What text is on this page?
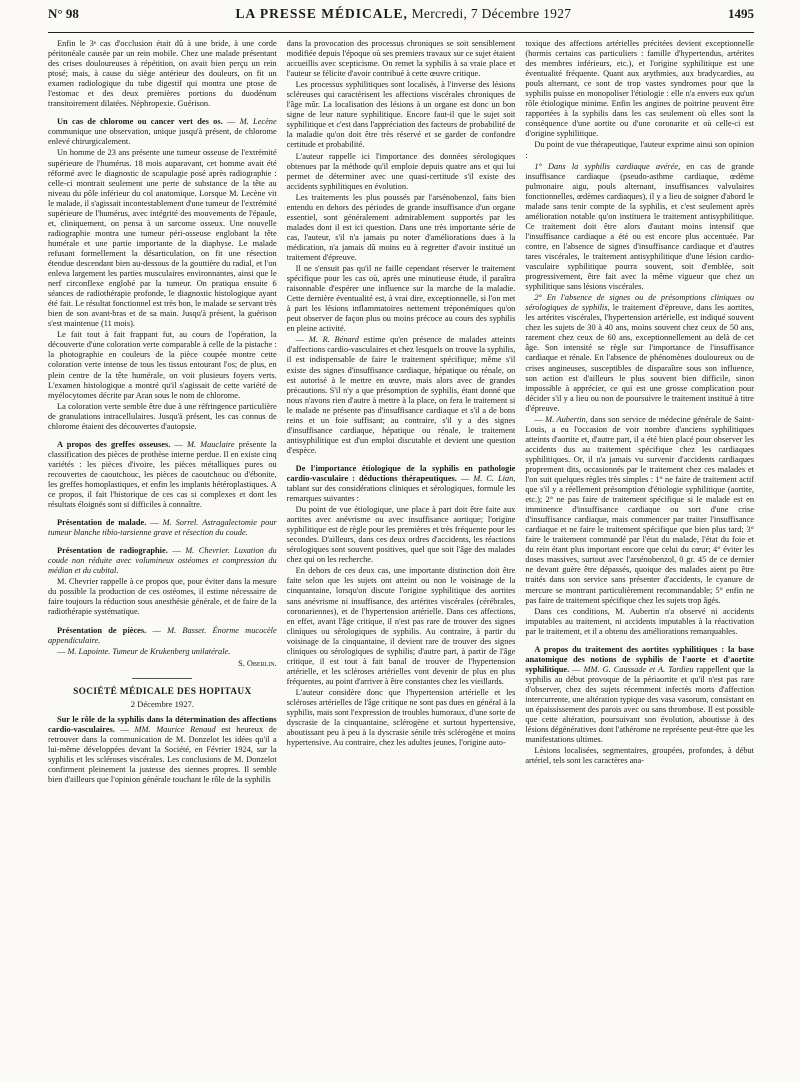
N° 98	LA PRESSE MÉDICALE, Mercredi, 7 Décembre 1927	1495

Enfin le 3ᵉ cas d'occlusion était dû à une bride, à une corde péritonéale causée par un rein mobile. Chez une malade présentant des crises douloureuses à répétition, on avait bien perçu un rein ptosé; mais, à cause du siège antérieur des douleurs, on fit un examen radiologique du tube digestif qui montra une ptose de l'estomac et des deux premières portions du duodénum transitoirement dilatées. Néphropexie. Guérison.

Un cas de chlorome ou cancer vert des os. — M. Lecène communique une observation, unique jusqu'à présent, de chlorome enlevé chirurgicalement.

Un homme de 23 ans présente une tumeur osseuse de l'extrémité supérieure de l'humérus. 18 mois auparavant, cet homme avait été réformé avec le diagnostic de scapulagie posé après radiographie : celle-ci montrait seulement une perte de substance de la tête au niveau du pôle inférieur du col anatomique. Lorsque M. Lecène vit le malade, il s'agissait incontestablement d'une tumeur de l'extrémité supérieure de l'humérus, avec intégrité des mouvements de l'épaule, et, cliniquement, on pensa à un sarcome osseux. Une nouvelle radiographie montra une tumeur péri-osseuse englobant la tête humérale et une partie importante de la diaphyse. Le malade refusant formellement la désarticulation, on fit une résection étendue descendant bien au-dessous de la gouttière du radial, et l'on enleva largement les parties musculaires environnantes, ainsi que le nerf circonflexe englobé par la tumeur. On pratiqua ensuite 6 séances de radiothérapie profonde, le diagnostic histologique ayant été fait. Le résultat fonctionnel est très bon, le malade se servant très bien de son avant-bras et de sa main. Jusqu'à présent, la guérison s'est maintenue (11 mois).

Le fait tout à fait frappant fut, au cours de l'opération, la découverte d'une coloration verte comparable à celle de la pistache : la photographie en couleurs de la pièce coupée montre cette coloration verte intense de tous les tissus entourant l'os; de plus, en plein centre de la tête humérale, on voit plusieurs foyers verts. L'examen histologique a montré qu'il s'agissait de cette variété de myélocytomes décrite par Aran sous le nom de chlorome.

La coloration verte semble être due à une réfringence particulière de granulations intracellulaires. Jusqu'à présent, les cas connus de chlorome étaient des découvertes d'autopsie.

A propos des greffes osseuses. — M. Mauclaire présente la classification des pièces de prothèse interne perdue. Il en existe cinq variétés : les pièces d'ivoire, les pièces métalliques pures ou recouvertes de caoutchouc, les pièces de caoutchouc ou d'ébonite, les greffes homoplastiques, et enfin les implants hétéroplastiques. A ce propos, il fait l'historique de ces cas si complexes et dont les résultats éloignés sont si difficiles à connaître.

Présentation de malade. — M. Sorrel. Astragalectomie pour tumeur blanche tibio-tarsienne grave et résection du coude.

Présentation de radiographie. — M. Chevrier. Luxation du coude non réduite avec volumineux ostéomes et compression du médian et du cubital.

M. Chevrier rappelle à ce propos que, pour éviter dans la mesure du possible la production de ces ostéomes, il estime nécessaire de faire toujours la réduction sous anesthésie générale, et de faire de la radiothérapie systématique.

Présentation de pièces. — M. Basset. Énorme mucocèle appendiculaire.

— M. Lapointe. Tumeur de Krukenberg unilatérale.

S. Oberlin.
SOCIÉTÉ MÉDICALE DES HOPITAUX
2 Décembre 1927.

Sur le rôle de la syphilis dans la détermination des affections cardio-vasculaires. — MM. Maurice Renaud est heureux de retrouver dans la communication de M. Donzelot les idées qu'il a lui-même développées devant la Société, en Février 1924, sur la syphilis et les scléroses viscérales. Les conclusions de M. Donzelot confirment pleinement la justesse des siennes propres. Il semble bien d'ailleurs que l'opinion générale touchant le rôle de la syphilis

dans la provocation des processus chroniques se soit sensiblement modifiée depuis l'époque où ses premiers travaux sur ce sujet étaient accueillis avec scepticisme. On remet la syphilis à sa vraie place et l'auteur se félicite d'avoir contribué à cette œuvre critique.

Les processus syphilitiques sont localisés, à l'inverse des lésions scléreuses qui caractérisent les affections viscérales chroniques de l'âge mûr. La localisation des lésions à un organe est donc un bon signe de leur nature syphilitique. Encore faut-il que le sujet soit syphilitique et c'est dans l'appréciation des facteurs de probabilité de la maladie qu'on doit être très réservé et se garder de confondre certitude et probabilité.

L'auteur rappelle ici l'importance des données sérologiques obtenues par la méthode qu'il emploie depuis quatre ans et qui lui permet de déterminer avec une quasi-certitude s'il existe des accidents syphilitiques en évolution.

Les traitements les plus poussés par l'arsénobenzol, faits bien entendu en dehors des périodes de grande insuffisance d'un organe essentiel, sont généralement admirablement supportés par les malades dont il est ici question. Dans une très importante série de cas, l'auteur, s'il n'a jamais pu noter d'améliorations dues à la médication, n'a jamais dû moins eu à regretter d'avoir institué un traitement d'épreuve.

Il ne s'ensuit pas qu'il ne faille cependant réserver le traitement spécifique pour les cas où, après une minutieuse étude, il paraîtra raisonnable d'espérer une influence sur la marche de la maladie. Cette dernière éventualité est, à vrai dire, exceptionnelle, si l'on met à part les lésions inflammatoires nettement tréponémiques qu'on peut observer de façon plus ou moins précoce au cours des syphilis en pleine activité.

— M. R. Bénard estime qu'en présence de malades atteints d'affections cardio-vasculaires et chez lesquels on trouve la syphilis, il est indispensable de faire le traitement spécifique; même s'il existe des signes d'insuffisance cardiaque, hépatique ou rénale, on est autorisé à le mettre en œuvre, mais alors avec de grandes précautions. S'il n'y a que présomption de syphilis, étant donné que nous n'avons rien d'autre à mettre à la place, on fera le traitement si le malade ne présente pas d'insuffisance cardiaque et s'il a de bons reins et un foie suffisant; au contraire, s'il y a des signes d'insuffisance cardiaque, hépatique ou rénale, le traitement antisyphilitique est d'un emploi discutable et devient une question d'espèce.

De l'importance étiologique de la syphilis en pathologie cardio-vasculaire : déductions thérapeutiques. — M. C. Lian, tablant sur des considérations cliniques et sérologiques, formule les remarques suivantes :

Du point de vue étiologique, une place à part doit être faite aux aortites avec anévrisme ou avec insuffisance aortique; l'origine syphilitique est de règle pour les premières et très fréquente pour les secondes. D'ailleurs, dans ces deux ordres d'accidents, les réactions sérologiques sont souvent positives, quel que soit l'âge des malades chez qui on les recherche.

En dehors de ces deux cas, une importante distinction doit être faite selon que les sujets ont atteint ou non le voisinage de la cinquantaine, lorsqu'on discute l'origine syphilitique des aortites sans anévrisme ni insuffisance, des artérites viscérales (cérébrales, coronariennes), et de l'hypertension artérielle. Dans ces affections, en effet, avant l'âge critique, il n'est pas rare de trouver des signes cliniques ou sérologiques de syphilis. Au contraire, à partir du voisinage de la cinquantaine, il devient rare de trouver des signes cliniques ou sérologiques de syphilis; d'autre part, à partir de l'âge critique, il est tout à fait banal de trouver de l'hypertension artérielle, et les scléroses artérielles vont devenir de plus en plus fréquentes, au point d'arriver à être constantes chez les vieillards.

L'auteur considère donc que l'hypertension artérielle et les scléroses artérielles de l'âge critique ne sont pas dues en général à la syphilis, mais sont l'expression de troubles humoraux, d'une sorte de dyscrasie de la cinquantaine, sclérogène et surtout hypertensive, aboutissant peu à peu à la dyscrasie sénile très sclérogène et moins hypertensive. Au contraire, chez les adultes jeunes, l'origine auto-

toxique des affections artérielles précitées devient exceptionnelle (hormis certains cas particuliers : famille d'hypertendus, artérites des membres inférieurs, etc.), et l'origine syphilitique est une éventualité fréquente. Quant aux arythmies, aux bradycardies, au pouls alternant, ce sont de trop vastes syndromes pour que la syphilis puisse en monopoliser l'étiologie : elle n'a envers eux qu'un rôle étiologique minime. Enfin les angines de poitrine peuvent être rapportées à la syphilis dans les cas seulement où elles sont la conséquence d'une aortite ou d'une coronarite et où celle-ci est d'origine syphilitique.

Du point de vue thérapeutique, l'auteur exprime ainsi son opinion :

1° Dans la syphilis cardiaque avérée, en cas de grande insuffisance cardiaque (pseudo-asthme cardiaque, œdème pulmonaire aigu, pouls alternant, insuffisances valvulaires fonctionnelles, œdèmes cardiaques), il y a lieu de soigner d'abord le malade sans tenir compte de la syphilis, et c'est seulement après amélioration notable qu'on instituera le traitement antisyphilitique. Ce traitement doit être alors d'autant moins intensif que l'insuffisance cardiaque a été ou est encore plus accentuée. Par contre, en l'absence de signes d'insuffisance cardiaque et d'autres tares viscérales, le traitement antisyphilitique d'une lésion cardio-vasculaire syphilitique pourra souvent, soit d'emblée, soit progressivement, être fait avec la même vigueur que chez un syphilitique sans lésions viscérales.

2° En l'absence de signes ou de présomptions cliniques ou sérologiques de syphilis, le traitement d'épreuve, dans les aortites, les artérites viscérales, l'hypertension artérielle, est indiqué souvent chez les sujets de 30 à 40 ans, moins souvent chez ceux de 50 ans, rarement chez ceux de 60 ans, exceptionnellement au delà de cet âge. Son intensité se règle sur l'importance de l'insuffisance cardiaque et rénale. En l'absence de phénomènes douloureux ou de crises angineuses, susceptibles de disparaître sous son influence, son action est d'ailleurs le plus souvent bien difficile, sinon impossible à apprécier, ce qui est une grosse complication pour décider s'il y a lieu ou non de poursuivre le traitement institué à titre d'épreuve.

— M. Aubertin, dans son service de médecine générale de Saint-Louis, a eu l'occasion de voir nombre d'anciens syphilitiques atteints d'aortite et, d'autre part, il a été bien placé pour observer les accidents dus au traitement spécifique chez les cardiaques syphilitiques. Or, il n'a jamais vu survenir d'accidents cardiaques proprement dits, occasionnés par le traitement chez ces malades et l'on suit quelques règles très simples : 1° ne faire de traitement actif que s'il y a réellement présomption d'étiologie syphilitique (aortite, etc.); 2° ne pas faire de traitement spécifique si le malade est en imminence d'insuffisance cardiaque ou sort d'une crise d'insuffisance cardiaque, mais commencer par traiter l'insuffisance cardiaque et ne faire le traitement spécifique que bien plus tard; 3° faire le traitement commandé par l'état du malade, l'état du foie et du rein étant plus important encore que celui du cœur; 4° éviter les doses massives, surtout avec l'arsénobenzol, 0 gr. 45 de ce dernier ne devant guère être dépassés, quoique des malades aient pu être traités dans son service sans présenter d'accidents, le cyanure de mercure se montrant particulièrement recommandable; 5° enfin ne pas faire de traitement spécifique chez les sujets trop âgés.

Dans ces conditions, M. Aubertin n'a observé ni accidents imputables au traitement, ni accidents imputables à la réactivation par le traitement, et il a obtenu des améliorations remarquables.

A propos du traitement des aortites syphilitiques : la base anatomique des notions de syphilis de l'aorte et d'aortite syphilitique. — MM. G. Caussade et A. Tardieu rappellent que la syphilis au début provoque de la périaortite et qu'il n'est pas rare d'observer, chez des sujets récemment infectés morts d'affection intercurrente, une altération typique des vasa vasorum, consistant en un épaississement des parois avec ou sans thrombose. Il est possible que cette altération, poursuivant son évolution, aboutisse à des lésions dégénératives dont l'athérome ne représente peut-être que les manifestations ultimes.

Lésions localisées, segmentaires, groupées, profondes, à début artériel, tels sont les caractères ana-
